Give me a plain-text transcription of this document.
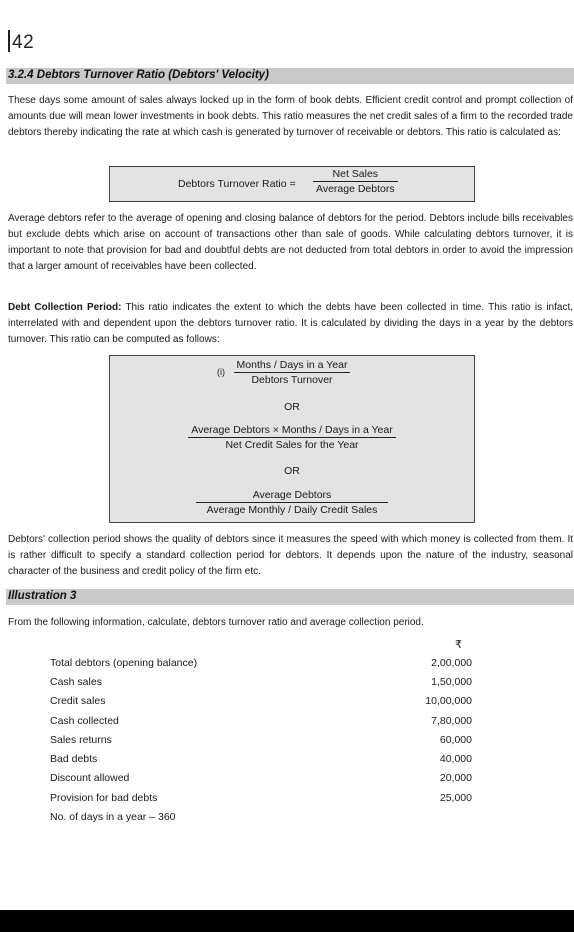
42
3.2.4 Debtors Turnover Ratio (Debtors' Velocity)
These days some amount of sales always locked up in the form of book debts. Efficient credit control and prompt collection of amounts due will mean lower investments in book debts. This ratio measures the net credit sales of a firm to the recorded trade debtors thereby indicating the rate at which cash is generated by turnover of receivable or debtors. This ratio is calculated as:
Debtors Turnover Ratio =
Net Sales
Average Debtors
Average debtors refer to the average of opening and closing balance of debtors for the period. Debtors include bills receivables but exclude debts which arise on account of transactions other than sale of goods. While calculating debtors turnover, it is important to note that provision for bad and doubtful debts are not deducted from total debtors in order to avoid the impression that a larger amount of receivables have been collected.
Debt Collection Period: This ratio indicates the extent to which the debts have been collected in time. This ratio is infact, interrelated with and dependent upon the debtors turnover ratio. It is calculated by dividing the days in a year by the debtors turnover. This ratio can be computed as follows:
$(i) \frac{\text{Months / Days in a Year}}{\text{Debtors Turnover}}$
OR
$\frac{\text{Average Debtors × Months / Days in a Year}}{\text{Net Credit Sales for the Year}}$
OR
$\frac{\text{Average Debtors}}{\text{Average Monthly / Daily Credit Sales}}$
Debtors' collection period shows the quality of debtors since it measures the speed with which money is collected from them. It is rather difficult to specify a standard collection period for debtors. It depends upon the nature of the industry, seasonal character of the business and credit policy of the firm etc.
Illustration 3
From the following information, calculate, debtors turnover ratio and average collection period.
₹
Total debtors (opening balance)	2,00,000
Cash sales	1,50,000
Credit sales	10,00,000
Cash collected	7,80,000
Sales returns	60,000
Bad debts	40,000
Discount allowed	20,000
Provision for bad debts	25,000
No. of days in a year – 360
